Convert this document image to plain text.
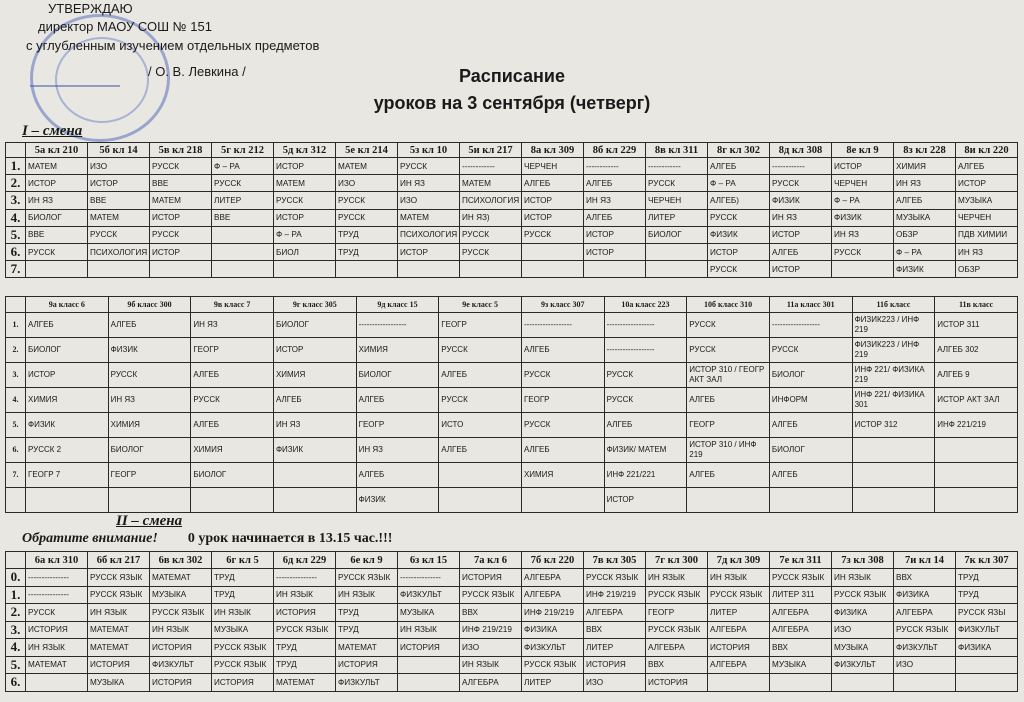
УТВЕРЖДАЮ
директор МАОУ СОШ № 151
с углубленным изучением отдельных предметов
/ О. В. Левкина /	Расписание
уроков на 3 сентября (четверг)
I – смена
	5а кл 210	5б кл 14	5в кл 218	5г кл 212	5д кл 312	5е кл 214	5з кл 10	5и кл 217	8а кл 309	8б кл 229	8в кл 311	8г кл 302	8д кл 308	8е кл 9	8з кл 228	8и кл 220
1.	МАТЕМ	ИЗО	РУССК	Ф – РА	ИСТОР	МАТЕМ	РУССК	------------	ЧЕРЧЕН	------------	------------	АЛГЕБ	------------	ИСТОР	ХИМИЯ	АЛГЕБ
2.	ИСТОР	ИСТОР	ВВЕ	РУССК	МАТЕМ	ИЗО	ИН ЯЗ	МАТЕМ	АЛГЕБ	АЛГЕБ	РУССК	Ф – РА	РУССК	ЧЕРЧЕН	ИН ЯЗ	ИСТОР
3.	ИН ЯЗ	ВВЕ	МАТЕМ	ЛИТЕР	РУССК	РУССК	ИЗО	ПСИХОЛОГИЯ	ИСТОР	ИН ЯЗ	ЧЕРЧЕН	АЛГЕБ)	ФИЗИК	Ф – РА	АЛГЕБ	МУЗЫКА
4.	БИОЛОГ	МАТЕМ	ИСТОР	ВВЕ	ИСТОР	РУССК	МАТЕМ	ИН ЯЗ)	ИСТОР	АЛГЕБ	ЛИТЕР	РУССК	ИН ЯЗ	ФИЗИК	МУЗЫКА	ЧЕРЧЕН
5.	ВВЕ	РУССК	РУССК		Ф – РА	ТРУД	ПСИХОЛОГИЯ	РУССК	РУССК	ИСТОР	БИОЛОГ	ФИЗИК	ИСТОР	ИН ЯЗ	ОБЗР	ПДВ ХИМИИ
6.	РУССК	ПСИХОЛОГИЯ	ИСТОР		БИОЛ	ТРУД	ИСТОР	РУССК		ИСТОР		ИСТОР	АЛГЕБ	РУССК	Ф – РА	ИН ЯЗ
7.												РУССК	ИСТОР		ФИЗИК	ОБЗР
	9а класс 6	9б класс 300	9в класс 7	9г класс 305	9д класс 15	9е класс 5	9з класс 307	10а класс 223	10б класс 310	11а класс 301	11б класс	11в класс
1.	АЛГЕБ	АЛГЕБ	ИН ЯЗ	БИОЛОГ	------------------	ГЕОГР	------------------	------------------	РУССК	------------------	ФИЗИК223 / ИНФ 219	ИСТОР 311
2.	БИОЛОГ	ФИЗИК	ГЕОГР	ИСТОР	ХИМИЯ	РУССК	АЛГЕБ	------------------	РУССК	РУССК	ФИЗИК223 / ИНФ 219	АЛГЕБ 302
3.	ИСТОР	РУССК	АЛГЕБ	ХИМИЯ	БИОЛОГ	АЛГЕБ	РУССК	РУССК	ИСТОР 310 / ГЕОГР АКТ ЗАЛ	БИОЛОГ	ИНФ 221/ ФИЗИКА 219	АЛГЕБ 9
4.	ХИМИЯ	ИН ЯЗ	РУССК	АЛГЕБ	АЛГЕБ	РУССК	ГЕОГР	РУССК	АЛГЕБ	ИНФОРМ	ИНФ 221/ ФИЗИКА 301	ИСТОР АКТ ЗАЛ
5.	ФИЗИК	ХИМИЯ	АЛГЕБ	ИН ЯЗ	ГЕОГР	ИСТО	РУССК	АЛГЕБ	ГЕОГР	АЛГЕБ	ИСТОР 312	ИНФ 221/219
6.	РУССК 2	БИОЛОГ	ХИМИЯ	ФИЗИК	ИН ЯЗ	АЛГЕБ	АЛГЕБ	ФИЗИК/ МАТЕМ	ИСТОР 310 / ИНФ 219	БИОЛОГ		
7.	ГЕОГР 7	ГЕОГР	БИОЛОГ		АЛГЕБ		ХИМИЯ	ИНФ 221/221	АЛГЕБ	АЛГЕБ		
					ФИЗИК			ИСТОР				
II – смена
Обратите внимание! 0 урок начинается в 13.15 час.!!!
	6а кл 310	6б кл 217	6в кл 302	6г кл 5	6д кл 229	6е кл 9	6з кл 15	7а кл 6	7б кл 220	7в кл 305	7г кл 300	7д кл 309	7е кл 311	7з кл 308	7и кл 14	7к кл 307
0.	---------------	РУССК ЯЗЫК	МАТЕМАТ	ТРУД	---------------	РУССК ЯЗЫК	---------------	ИСТОРИЯ	АЛГЕБРА	РУССК ЯЗЫК	ИН ЯЗЫК	ИН ЯЗЫК	РУССК ЯЗЫК	ИН ЯЗЫК	ВВХ	ТРУД
1.	---------------	РУССК ЯЗЫК	МУЗЫКА	ТРУД	ИН ЯЗЫК	ИН ЯЗЫК	ФИЗКУЛЬТ	РУССК ЯЗЫК	АЛГЕБРА	ИНФ 219/219	РУССК ЯЗЫК	РУССК ЯЗЫК	ЛИТЕР 311	РУССК ЯЗЫК	ФИЗИКА	ТРУД
2.	РУССК	ИН ЯЗЫК	РУССК ЯЗЫК	ИН ЯЗЫК	ИСТОРИЯ	ТРУД	МУЗЫКА	ВВХ	ИНФ 219/219	АЛГЕБРА	ГЕОГР	ЛИТЕР	АЛГЕБРА	ФИЗИКА	АЛГЕБРА	РУССК ЯЗЫ
3.	ИСТОРИЯ	МАТЕМАТ	ИН ЯЗЫК	МУЗЫКА	РУССК ЯЗЫК	ТРУД	ИН ЯЗЫК	ИНФ 219/219	ФИЗИКА	ВВХ	РУССК ЯЗЫК	АЛГЕБРА	АЛГЕБРА	ИЗО	РУССК ЯЗЫК	ФИЗКУЛЬТ
4.	ИН ЯЗЫК	МАТЕМАТ	ИСТОРИЯ	РУССК ЯЗЫК	ТРУД	МАТЕМАТ	ИСТОРИЯ	ИЗО	ФИЗКУЛЬТ	ЛИТЕР	АЛГЕБРА	ИСТОРИЯ	ВВХ	МУЗЫКА	ФИЗКУЛЬТ	ФИЗИКА
5.	МАТЕМАТ	ИСТОРИЯ	ФИЗКУЛЬТ	РУССК ЯЗЫК	ТРУД	ИСТОРИЯ		ИН ЯЗЫК	РУССК ЯЗЫК	ИСТОРИЯ	ВВХ	АЛГЕБРА	МУЗЫКА	ФИЗКУЛЬТ	ИЗО	
6.		МУЗЫКА	ИСТОРИЯ	ИСТОРИЯ	МАТЕМАТ	ФИЗКУЛЬТ		АЛГЕБРА	ЛИТЕР	ИЗО	ИСТОРИЯ					
